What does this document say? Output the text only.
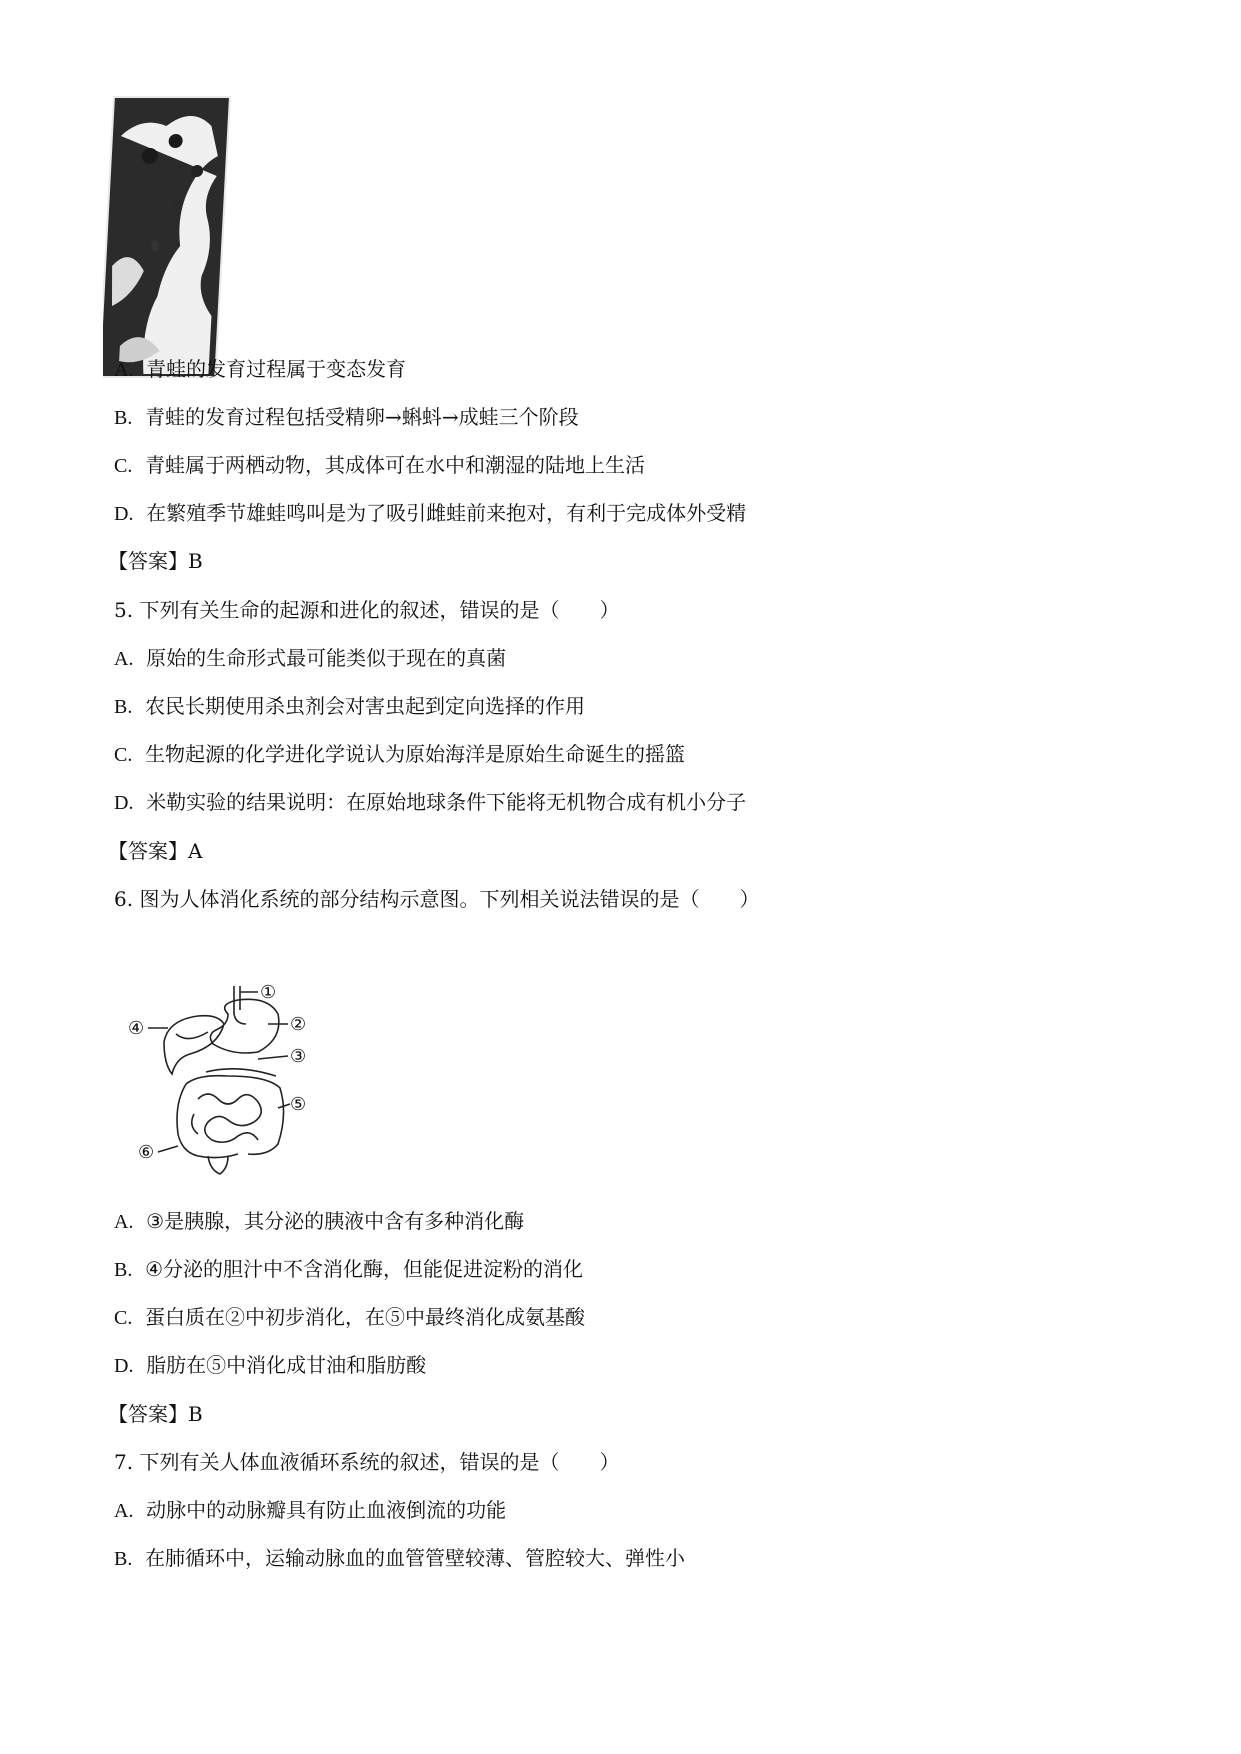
A. 青蛙的发育过程属于变态发育
B. 青蛙的发育过程包括受精卵→蝌蚪→成蛙三个阶段
C. 青蛙属于两栖动物，其成体可在水中和潮湿的陆地上生活
D. 在繁殖季节雄蛙鸣叫是为了吸引雌蛙前来抱对，有利于完成体外受精
【答案】B
5. 下列有关生命的起源和进化的叙述，错误的是（　　）
A. 原始的生命形式最可能类似于现在的真菌
B. 农民长期使用杀虫剂会对害虫起到定向选择的作用
C. 生物起源的化学进化学说认为原始海洋是原始生命诞生的摇篮
D. 米勒实验的结果说明：在原始地球条件下能将无机物合成有机小分子
【答案】A
6. 图为人体消化系统的部分结构示意图。下列相关说法错误的是（　　）
①
②
③
④
⑤
⑥
A. ③是胰腺，其分泌的胰液中含有多种消化酶
B. ④分泌的胆汁中不含消化酶，但能促进淀粉的消化
C. 蛋白质在②中初步消化，在⑤中最终消化成氨基酸
D. 脂肪在⑤中消化成甘油和脂肪酸
【答案】B
7. 下列有关人体血液循环系统的叙述，错误的是（　　）
A. 动脉中的动脉瓣具有防止血液倒流的功能
B. 在肺循环中，运输动脉血的血管管壁较薄、管腔较大、弹性小
